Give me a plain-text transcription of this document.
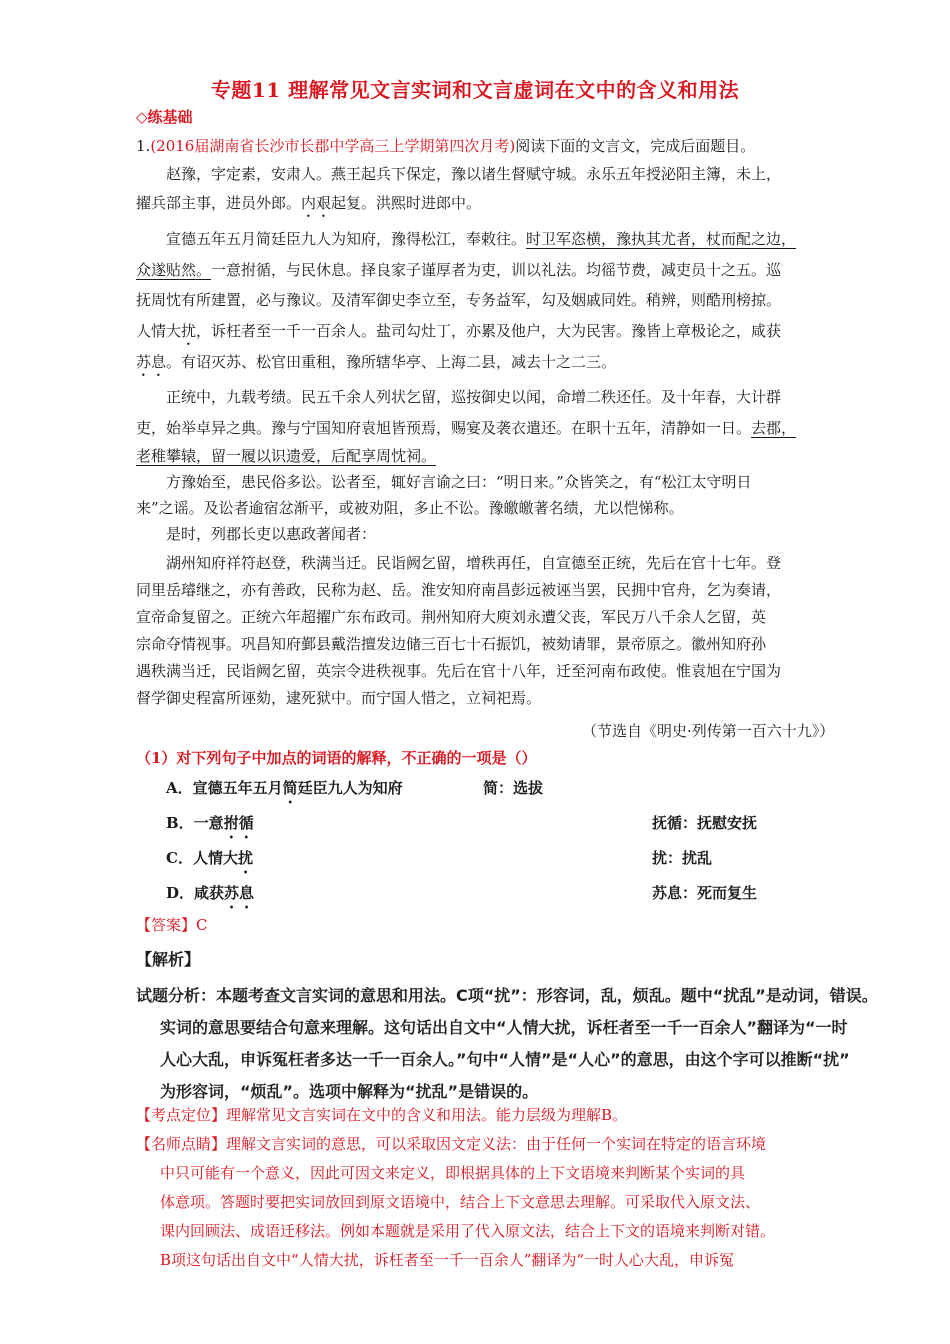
专题11 理解常见文言实词和文言虚词在文中的含义和用法
◇练基础
1.(2016届湖南省长沙市长郡中学高三上学期第四次月考)阅读下面的文言文，完成后面题目。
赵豫，字定素，安肃人。燕王起兵下保定，豫以诸生督赋守城。永乐五年授泌阳主簿，未上，
擢兵部主事，进员外郎。内艰起复。洪熙时进郎中。
宣德五年五月简廷臣九人为知府，豫得松江，奉敕往。时卫军恣横，豫执其尤者，杖而配之边，
众遂贴然。一意拊循，与民休息。择良家子谨厚者为吏，训以礼法。均徭节费，减吏员十之五。巡
抚周忱有所建置，必与豫议。及清军御史李立至，专务益军，勾及姻戚同姓。稍辨，则酷刑榜掠。
人情大扰，诉枉者至一千一百余人。盐司勾灶丁，亦累及他户，大为民害。豫皆上章极论之，咸获
苏息。有诏灭苏、松官田重租，豫所辖华亭、上海二县，减去十之二三。
正统中，九载考绩。民五千余人列状乞留，巡按御史以闻，命增二秩还任。及十年春，大计群
吏，始举卓异之典。豫与宁国知府袁旭皆预焉，赐宴及袭衣遣还。在职十五年，清静如一日。去郡，
老稚攀辕，留一履以识遗爱，后配享周忱祠。
方豫始至，患民俗多讼。讼者至，辄好言谕之曰：“明日来。”众皆笑之，有“松江太守明日
来”之谣。及讼者逾宿忿渐平，或被劝阻，多止不讼。豫皦皦著名绩，尤以恺悌称。
是时，列郡长吏以惠政著闻者：
湖州知府祥符赵登，秩满当迁。民诣阙乞留，增秩再任，自宣德至正统，先后在官十七年。登
同里岳璿继之，亦有善政，民称为赵、岳。淮安知府南昌彭远被诬当罢，民拥中官舟，乞为奏请，
宣帝命复留之。正统六年超擢广东布政司。荆州知府大庾刘永遭父丧，军民万八千余人乞留，英
宗命夺情视事。巩昌知府鄞县戴浩擅发边储三百七十石振饥，被劾请罪，景帝原之。徽州知府孙
遇秩满当迁，民诣阙乞留，英宗令进秩视事。先后在官十八年，迁至河南布政使。惟袁旭在宁国为
督学御史程富所诬劾，逮死狱中。而宁国人惜之，立祠祀焉。
（节选自《明史·列传第一百六十九》）
（1）对下列句子中加点的词语的解释，不正确的一项是（）
A．宣德五年五月简廷臣九人为知府	简：选拔
B．一意拊循	抚循：抚慰安抚
C．人情大扰	扰：扰乱
D．咸获苏息	苏息：死而复生
【答案】C
【解析】
试题分析：本题考查文言实词的意思和用法。C项“扰”：形容词，乱，烦乱。题中“扰乱”是动词，错误。
实词的意思要结合句意来理解。这句话出自文中“人情大扰，诉枉者至一千一百余人”翻译为“一时
人心大乱，申诉冤枉者多达一千一百余人。”句中“人情”是“人心”的意思，由这个字可以推断“扰”
为形容词，“烦乱”。选项中解释为“扰乱”是错误的。
【考点定位】理解常见文言实词在文中的含义和用法。能力层级为理解B。
【名师点睛】理解文言实词的意思，可以采取因文定义法：由于任何一个实词在特定的语言环境
中只可能有一个意义，因此可因文来定义，即根据具体的上下文语境来判断某个实词的具
体意项。答题时要把实词放回到原文语境中，结合上下文意思去理解。可采取代入原文法、
课内回顾法、成语迁移法。例如本题就是采用了代入原文法，结合上下文的语境来判断对错。
B项这句话出自文中“人情大扰，诉枉者至一千一百余人”翻译为“一时人心大乱，申诉冤
